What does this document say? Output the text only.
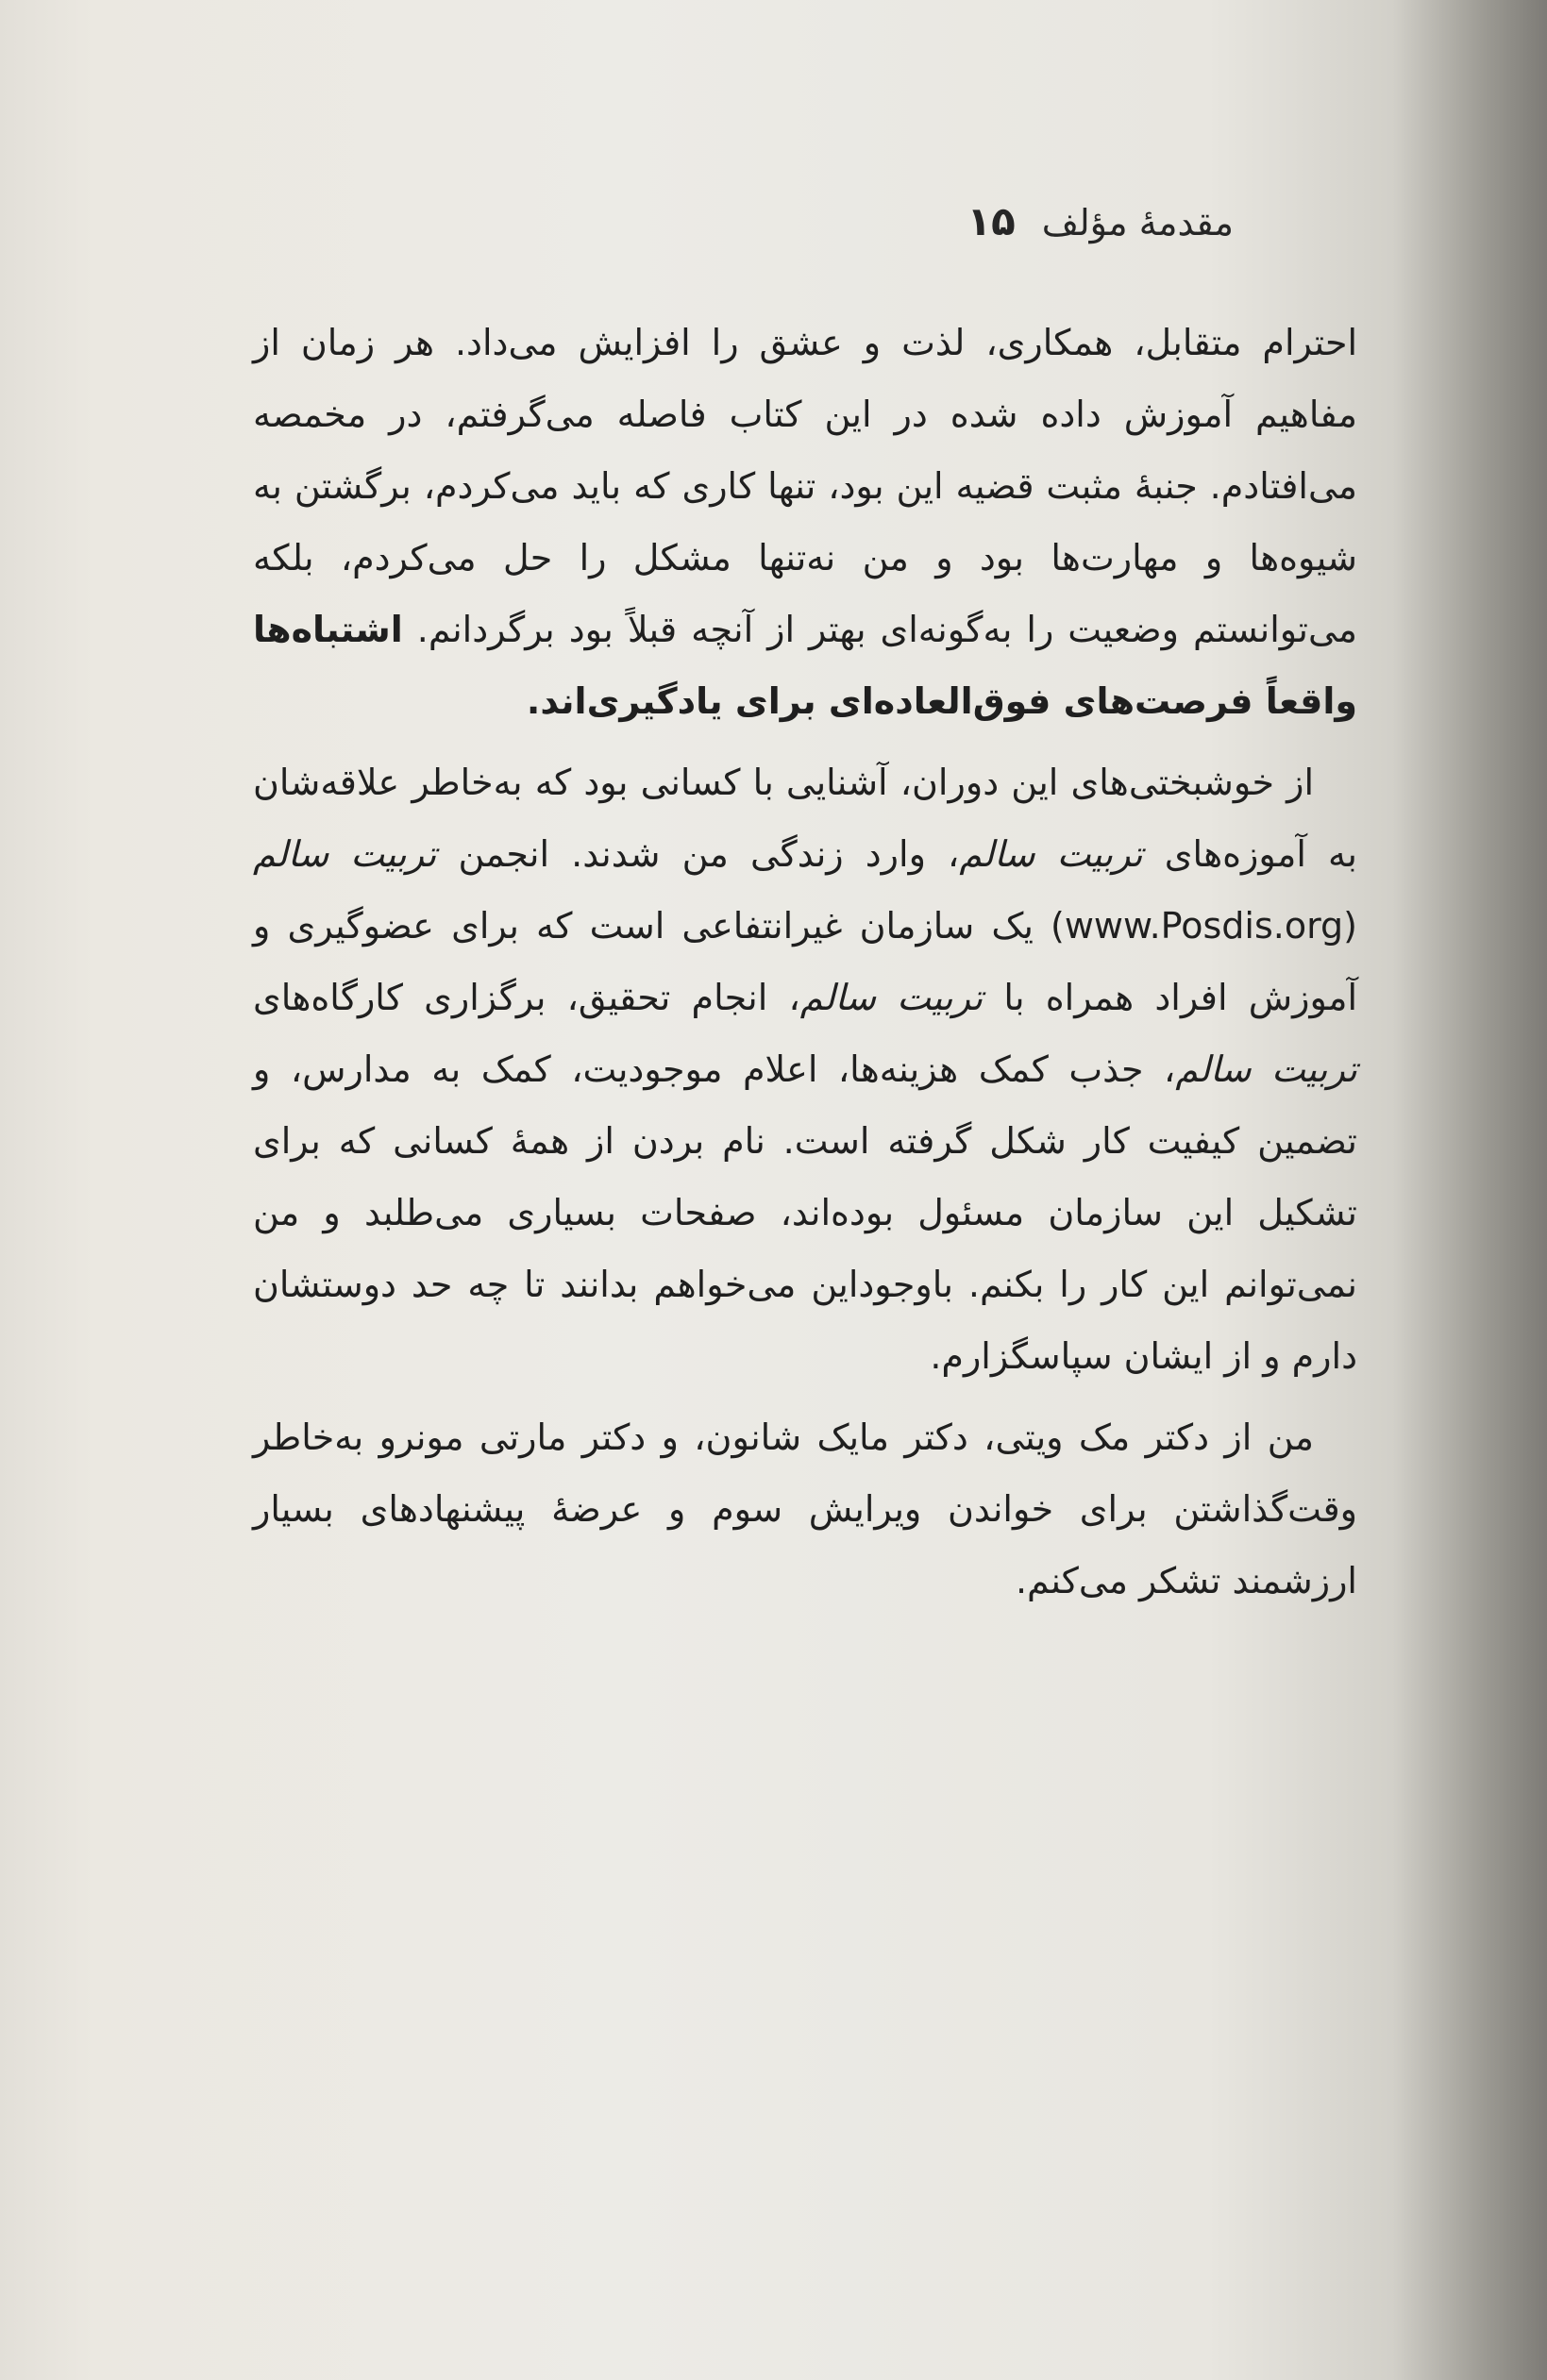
مقدمهٔ مؤلف
۱۵

احترام متقابل، همکاری، لذت و عشق را افزایش می‌داد. هر زمان از مفاهیم آموزش داده شده در این کتاب فاصله می‌گرفتم، در مخمصه می‌افتادم. جنبهٔ مثبت قضیه این بود، تنها کاری که باید می‌کردم، برگشتن به شیوه‌ها و مهارت‌ها بود و من نه‌تنها مشکل را حل می‌کردم، بلکه می‌توانستم وضعیت را به‌گونه‌ای بهتر از آنچه قبلاً بود برگردانم. اشتباه‌ها واقعاً فرصت‌های فوق‌العاده‌ای برای یادگیری‌اند.

از خوشبختی‌های این دوران، آشنایی با کسانی بود که به‌خاطر علاقه‌شان به آموزه‌های تربیت سالم، وارد زندگی من شدند. انجمن تربیت سالم (www.Posdis.org) یک سازمان غیرانتفاعی است که برای عضوگیری و آموزش افراد همراه با تربیت سالم، انجام تحقیق، برگزاری کارگاه‌های تربیت سالم، جذب کمک هزینه‌ها، اعلام موجودیت، کمک به مدارس، و تضمین کیفیت کار شکل گرفته است. نام بردن از همهٔ کسانی که برای تشکیل این سازمان مسئول بوده‌اند، صفحات بسیاری می‌طلبد و من نمی‌توانم این کار را بکنم. باوجوداین می‌خواهم بدانند تا چه حد دوستشان دارم و از ایشان سپاسگزارم.

من از دکتر مک ویتی، دکتر مایک شانون، و دکتر مارتی مونرو به‌خاطر وقت‌گذاشتن برای خواندن ویرایش سوم و عرضهٔ پیشنهادهای بسیار ارزشمند تشکر می‌کنم.
